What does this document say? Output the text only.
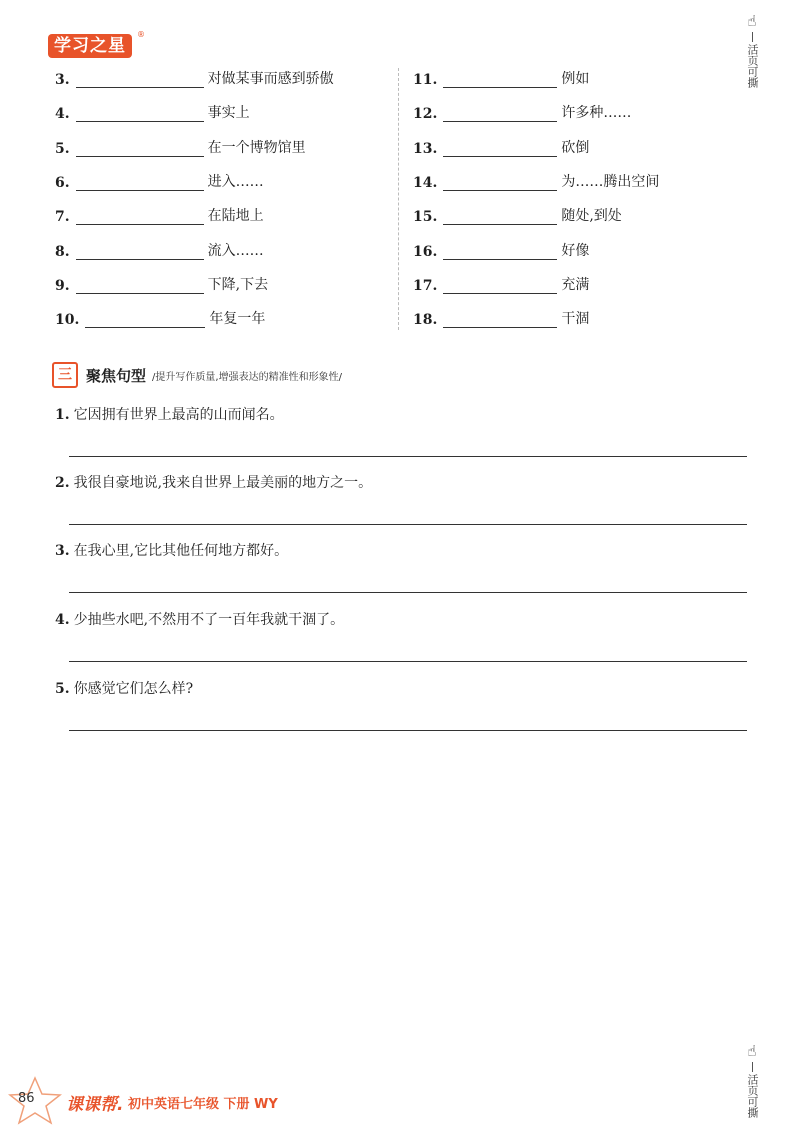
学习之星
®
☝
活页可撕
☝
活页可撕
3.	对做某事而感到骄傲
4.	事实上
5.	在一个博物馆里
6.	进入……
7.	在陆地上
8.	流入……
9.	下降,下去
10.	年复一年
11.	例如
12.	许多种……
13.	砍倒
14.	为……腾出空间
15.	随处,到处
16.	好像
17.	充满
18.	干涸
三 聚焦句型 /提升写作质量,增强表达的精准性和形象性/
1. 它因拥有世界上最高的山而闻名。
2. 我很自豪地说,我来自世界上最美丽的地方之一。
3. 在我心里,它比其他任何地方都好。
4. 少抽些水吧,不然用不了一百年我就干涸了。
5. 你感觉它们怎么样?
86 课课帮. 初中英语七年级 下册 WY
